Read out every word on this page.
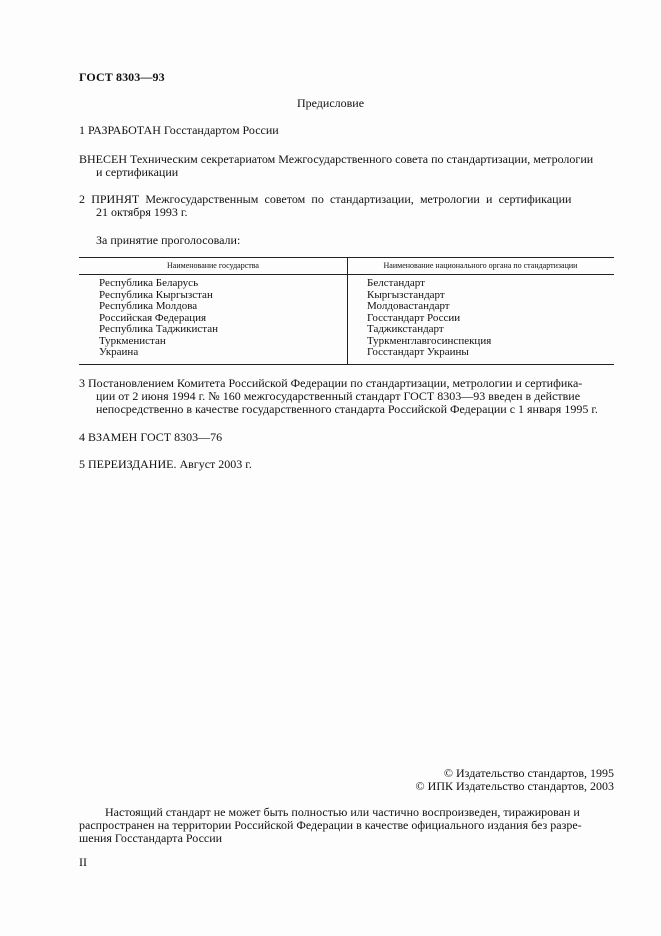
ГОСТ 8303—93
Предисловие
1 РАЗРАБОТАН Госстандартом России
ВНЕСЕН Техническим секретариатом Межгосударственного совета по стандартизации, метрологии
и сертификации
2 ПРИНЯТ Межгосударственным советом по стандартизации, метрологии и сертификации
21 октября 1993 г.
За принятие проголосовали:
Наименование государства	Наименование национального органа по стандартизации
Республика Беларусь
Республика Кыргызстан
Республика Молдова
Российская Федерация
Республика Таджикистан
Туркменистан
Украина
Белстандарт
Кыргызстандарт
Молдовастандарт
Госстандарт России
Таджикстандарт
Туркменглавгосинспекция
Госстандарт Украины
3 Постановлением Комитета Российской Федерации по стандартизации, метрологии и сертифика-
ции от 2 июня 1994 г. № 160 межгосударственный стандарт ГОСТ 8303—93 введен в действие
непосредственно в качестве государственного стандарта Российской Федерации с 1 января 1995 г.
4 ВЗАМЕН ГОСТ 8303—76
5 ПЕРЕИЗДАНИЕ. Август 2003 г.
© Издательство стандартов, 1995
© ИПК Издательство стандартов, 2003
Настоящий стандарт не может быть полностью или частично воспроизведен, тиражирован и
распространен на территории Российской Федерации в качестве официального издания без разре-
шения Госстандарта России
II
